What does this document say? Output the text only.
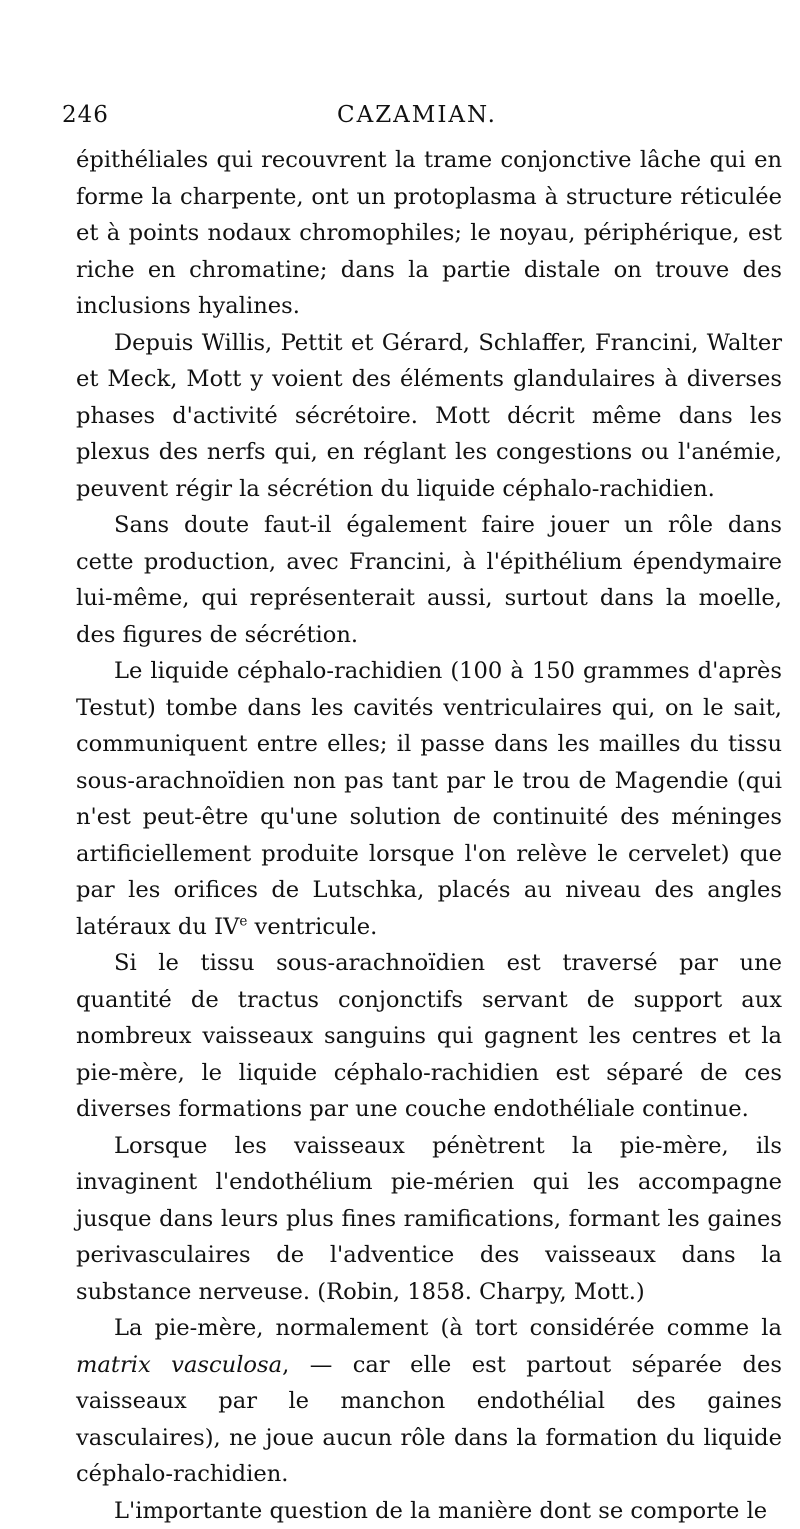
246	CAZAMIAN.

épithéliales qui recouvrent la trame conjonctive lâche qui en forme la charpente, ont un protoplasma à structure réticulée et à points nodaux chromophiles; le noyau, périphérique, est riche en chromatine; dans la partie distale on trouve des inclusions hyalines.

Depuis Willis, Pettit et Gérard, Schlaffer, Francini, Walter et Meck, Mott y voient des éléments glandulaires à diverses phases d'activité sécrétoire. Mott décrit même dans les plexus des nerfs qui, en réglant les congestions ou l'anémie, peuvent régir la sécrétion du liquide céphalo-rachidien.

Sans doute faut-il également faire jouer un rôle dans cette production, avec Francini, à l'épithélium épendymaire lui-même, qui représenterait aussi, surtout dans la moelle, des figures de sécrétion.

Le liquide céphalo-rachidien (100 à 150 grammes d'après Testut) tombe dans les cavités ventriculaires qui, on le sait, communiquent entre elles; il passe dans les mailles du tissu sous-arachnoïdien non pas tant par le trou de Magendie (qui n'est peut-être qu'une solution de continuité des méninges artificiellement produite lorsque l'on relève le cervelet) que par les orifices de Lutschka, placés au niveau des angles latéraux du IVe ventricule.

Si le tissu sous-arachnoïdien est traversé par une quantité de tractus conjonctifs servant de support aux nombreux vaisseaux sanguins qui gagnent les centres et la pie-mère, le liquide céphalo-rachidien est séparé de ces diverses formations par une couche endothéliale continue.

Lorsque les vaisseaux pénètrent la pie-mère, ils invaginent l'endothélium pie-mérien qui les accompagne jusque dans leurs plus fines ramifications, formant les gaines perivasculaires de l'adventice des vaisseaux dans la substance nerveuse. (Robin, 1858. Charpy, Mott.)

La pie-mère, normalement (à tort considérée comme la matrix vasculosa, — car elle est partout séparée des vaisseaux par le manchon endothélial des gaines vasculaires), ne joue aucun rôle dans la formation du liquide céphalo-rachidien.

L'importante question de la manière dont se comporte le
